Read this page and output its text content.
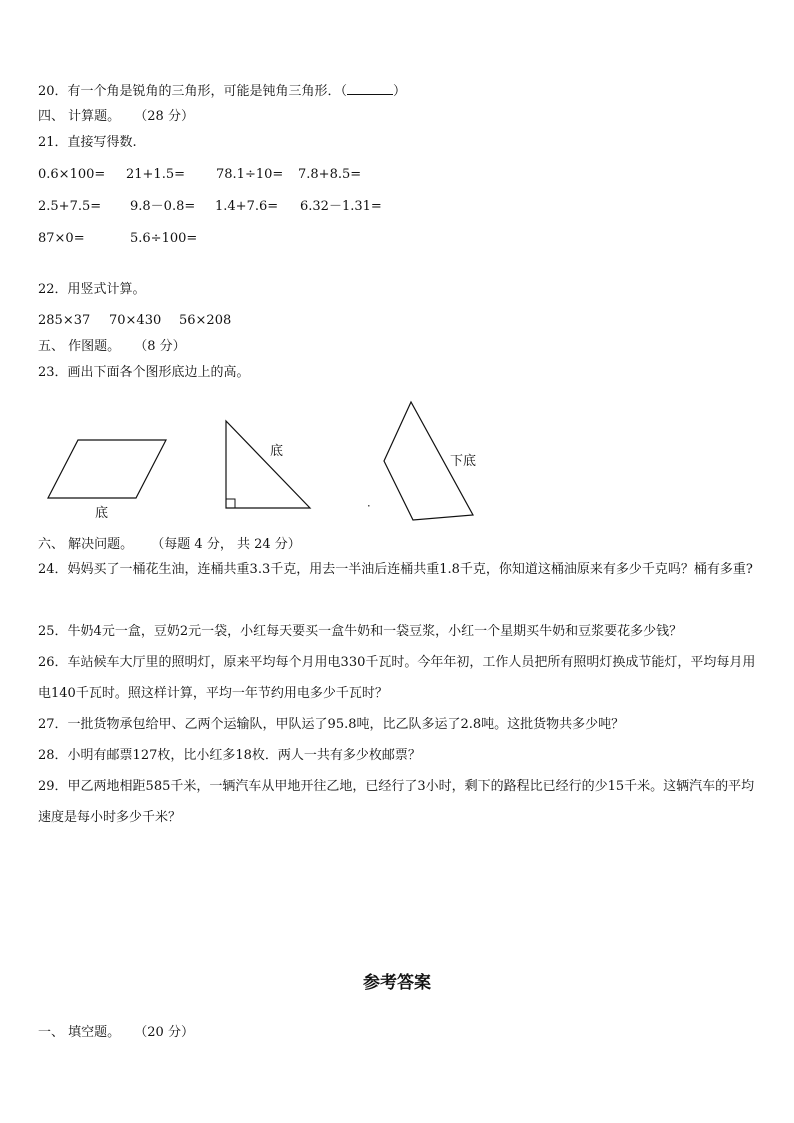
20．有一个角是锐角的三角形，可能是钝角三角形．（	）
四、 计算题。 （28 分）
21．直接写得数.
0.6×100= 21+1.5= 78.1÷10= 7.8+8.5=
2.5+7.5= 9.8－0.8= 1.4+7.6= 6.32－1.31=
87×0=	5.6÷100=
22．用竖式计算。
285×37 70×430 56×208
五、 作图题。 （8 分）
23．画出下面各个图形底边上的高。
底
底
下底
六、 解决问题。 （每题 4 分， 共 24 分）
24．妈妈买了一桶花生油，连桶共重3.3千克，用去一半油后连桶共重1.8千克，你知道这桶油原来有多少千克吗？桶有多重?
25．牛奶4元一盒，豆奶2元一袋，小红每天要买一盒牛奶和一袋豆浆，小红一个星期买牛奶和豆浆要花多少钱？
26．车站候车大厅里的照明灯，原来平均每个月用电330千瓦时。今年年初，工作人员把所有照明灯换成节能灯，平均每月用电140千瓦时。照这样计算，平均一年节约用电多少千瓦时？
27．一批货物承包给甲、乙两个运输队，甲队运了95.8吨，比乙队多运了2.8吨。这批货物共多少吨？
28．小明有邮票127枚，比小红多18枚．两人一共有多少枚邮票？
29．甲乙两地相距585千米，一辆汽车从甲地开往乙地，已经行了3小时，剩下的路程比已经行的少15千米。这辆汽车的平均速度是每小时多少千米？
参考答案
一、 填空题。 （20 分）
